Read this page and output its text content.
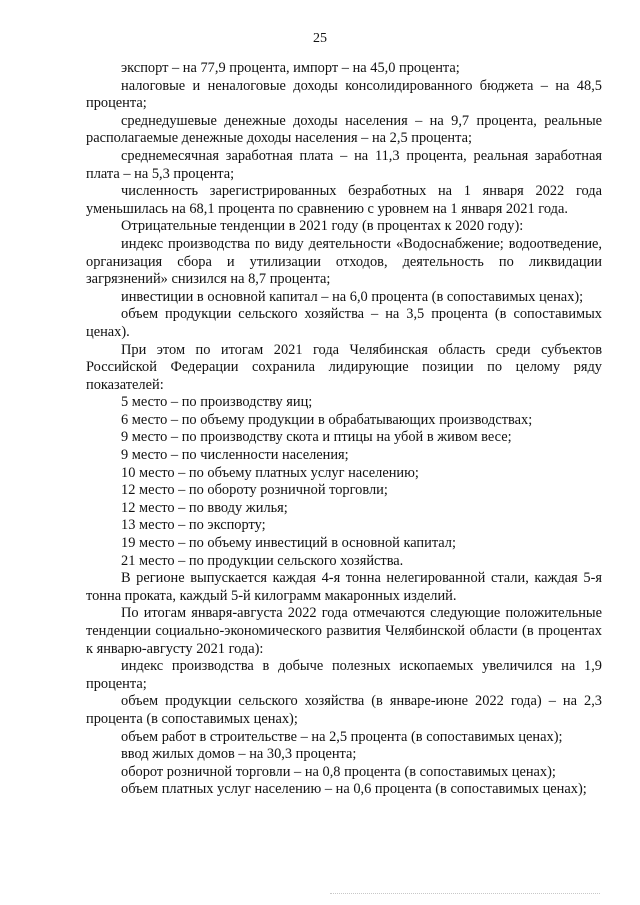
25

экспорт – на 77,9 процента, импорт – на 45,0 процента;

налоговые и неналоговые доходы консолидированного бюджета – на 48,5 процента;

среднедушевые денежные доходы населения – на 9,7 процента, реальные располагаемые денежные доходы населения – на 2,5 процента;

среднемесячная заработная плата – на 11,3 процента, реальная заработная плата – на 5,3 процента;

численность зарегистрированных безработных на 1 января 2022 года уменьшилась на 68,1 процента по сравнению с уровнем на 1 января 2021 года.

Отрицательные тенденции в 2021 году (в процентах к 2020 году):

индекс производства по виду деятельности «Водоснабжение; водоотведение, организация сбора и утилизации отходов, деятельность по ликвидации загрязнений» снизился на 8,7 процента;

инвестиции в основной капитал – на 6,0 процента (в сопоставимых ценах);

объем продукции сельского хозяйства – на 3,5 процента (в сопоставимых ценах).

При этом по итогам 2021 года Челябинская область среди субъектов Российской Федерации сохранила лидирующие позиции по целому ряду показателей:

5 место – по производству яиц;

6 место – по объему продукции в обрабатывающих производствах;

9 место – по производству скота и птицы на убой в живом весе;

9 место – по численности населения;

10 место – по объему платных услуг населению;

12 место – по обороту розничной торговли;

12 место – по вводу жилья;

13 место – по экспорту;

19 место – по объему инвестиций в основной капитал;

21 место – по продукции сельского хозяйства.

В регионе выпускается каждая 4-я тонна нелегированной стали, каждая 5-я тонна проката, каждый 5-й килограмм макаронных изделий.

По итогам января-августа 2022 года отмечаются следующие положительные тенденции социально-экономического развития Челябинской области (в процентах к январю-августу 2021 года):

индекс производства в добыче полезных ископаемых увеличился на 1,9 процента;

объем продукции сельского хозяйства (в январе-июне 2022 года) – на 2,3 процента (в сопоставимых ценах);

объем работ в строительстве – на 2,5 процента (в сопоставимых ценах);

ввод жилых домов – на 30,3 процента;

оборот розничной торговли – на 0,8 процента (в сопоставимых ценах);

объем платных услуг населению – на 0,6 процента (в сопоставимых ценах);
